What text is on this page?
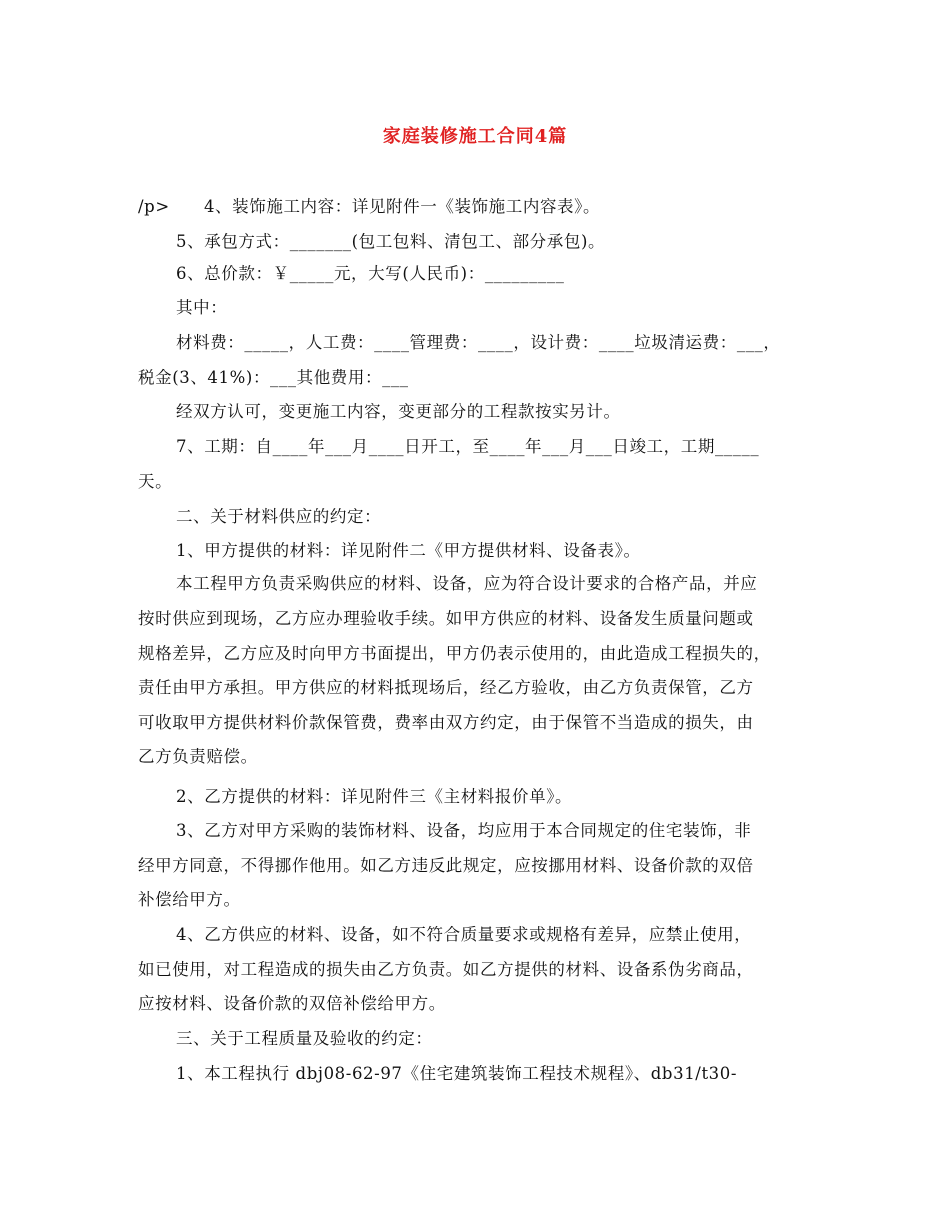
家庭装修施工合同4篇
/p>　　4、装饰施工内容：详见附件一《装饰施工内容表》。
5、承包方式：_______(包工包料、清包工、部分承包)。
6、总价款：￥_____元，大写(人民币)：_________
其中：
材料费：_____，人工费：____管理费：____，设计费：____垃圾清运费：___，
税金(3、41%)：___其他费用：___
经双方认可，变更施工内容，变更部分的工程款按实另计。
7、工期：自____年___月____日开工，至____年___月___日竣工，工期_____
天。
二、关于材料供应的约定：
1、甲方提供的材料：详见附件二《甲方提供材料、设备表》。
本工程甲方负责采购供应的材料、设备，应为符合设计要求的合格产品，并应
按时供应到现场，乙方应办理验收手续。如甲方供应的材料、设备发生质量问题或
规格差异，乙方应及时向甲方书面提出，甲方仍表示使用的，由此造成工程损失的，
责任由甲方承担。甲方供应的材料抵现场后，经乙方验收，由乙方负责保管，乙方
可收取甲方提供材料价款保管费，费率由双方约定，由于保管不当造成的损失，由
乙方负责赔偿。
2、乙方提供的材料：详见附件三《主材料报价单》。
3、乙方对甲方采购的装饰材料、设备，均应用于本合同规定的住宅装饰，非
经甲方同意，不得挪作他用。如乙方违反此规定，应按挪用材料、设备价款的双倍
补偿给甲方。
4、乙方供应的材料、设备，如不符合质量要求或规格有差异，应禁止使用，
如已使用，对工程造成的损失由乙方负责。如乙方提供的材料、设备系伪劣商品，
应按材料、设备价款的双倍补偿给甲方。
三、关于工程质量及验收的约定：
1、本工程执行 dbj08-62-97《住宅建筑装饰工程技术规程》、db31/t30-
